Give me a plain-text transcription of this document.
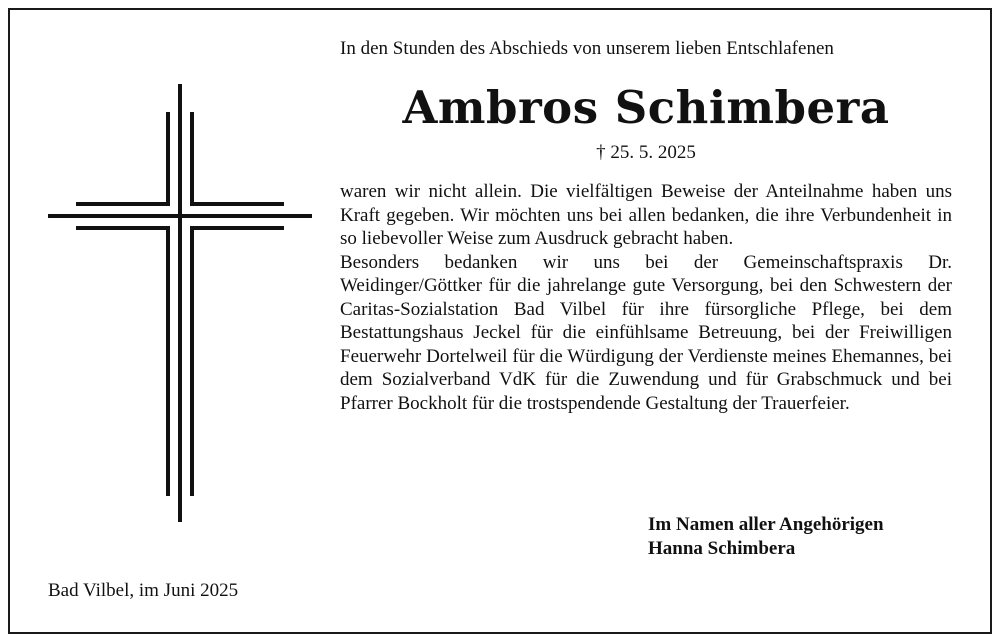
In den Stunden des Abschieds von unserem lieben Entschlafenen
Ambros Schimbera
† 25. 5. 2025

waren wir nicht allein. Die vielfältigen Beweise der Anteilnahme haben uns Kraft gegeben. Wir möchten uns bei allen bedanken, die ihre Verbundenheit in so liebevoller Weise zum Ausdruck gebracht haben.

Besonders bedanken wir uns bei der Gemeinschaftspraxis Dr. Weidinger/Göttker für die jahrelange gute Versorgung, bei den Schwestern der Caritas-Sozialstation Bad Vilbel für ihre fürsorgliche Pflege, bei dem Bestattungshaus Jeckel für die einfühlsame Betreuung, bei der Freiwilligen Feuerwehr Dortelweil für die Würdigung der Verdienste meines Ehemannes, bei dem Sozialverband VdK für die Zuwendung und für Grabschmuck und bei Pfarrer Bockholt für die trostspendende Gestaltung der Trauerfeier.

Im Namen aller Angehörigen
Hanna Schimbera
Bad Vilbel, im Juni 2025
